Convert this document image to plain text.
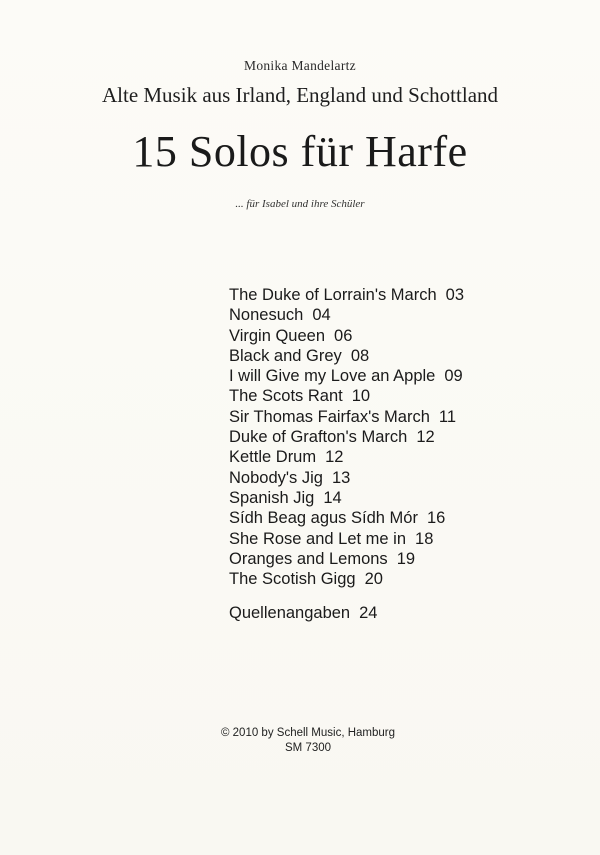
Monika Mandelartz
Alte Musik aus Irland, England und Schottland
15 Solos für Harfe
... für Isabel und ihre Schüler
The Duke of Lorrain's March 03
Nonesuch 04
Virgin Queen 06
Black and Grey 08
I will Give my Love an Apple 09
The Scots Rant 10
Sir Thomas Fairfax's March 11
Duke of Grafton's March 12
Kettle Drum 12
Nobody's Jig 13
Spanish Jig 14
Sídh Beag agus Sídh Mór 16
She Rose and Let me in 18
Oranges and Lemons 19
The Scotish Gigg 20
Quellenangaben 24
© 2010 by Schell Music, Hamburg
SM 7300
